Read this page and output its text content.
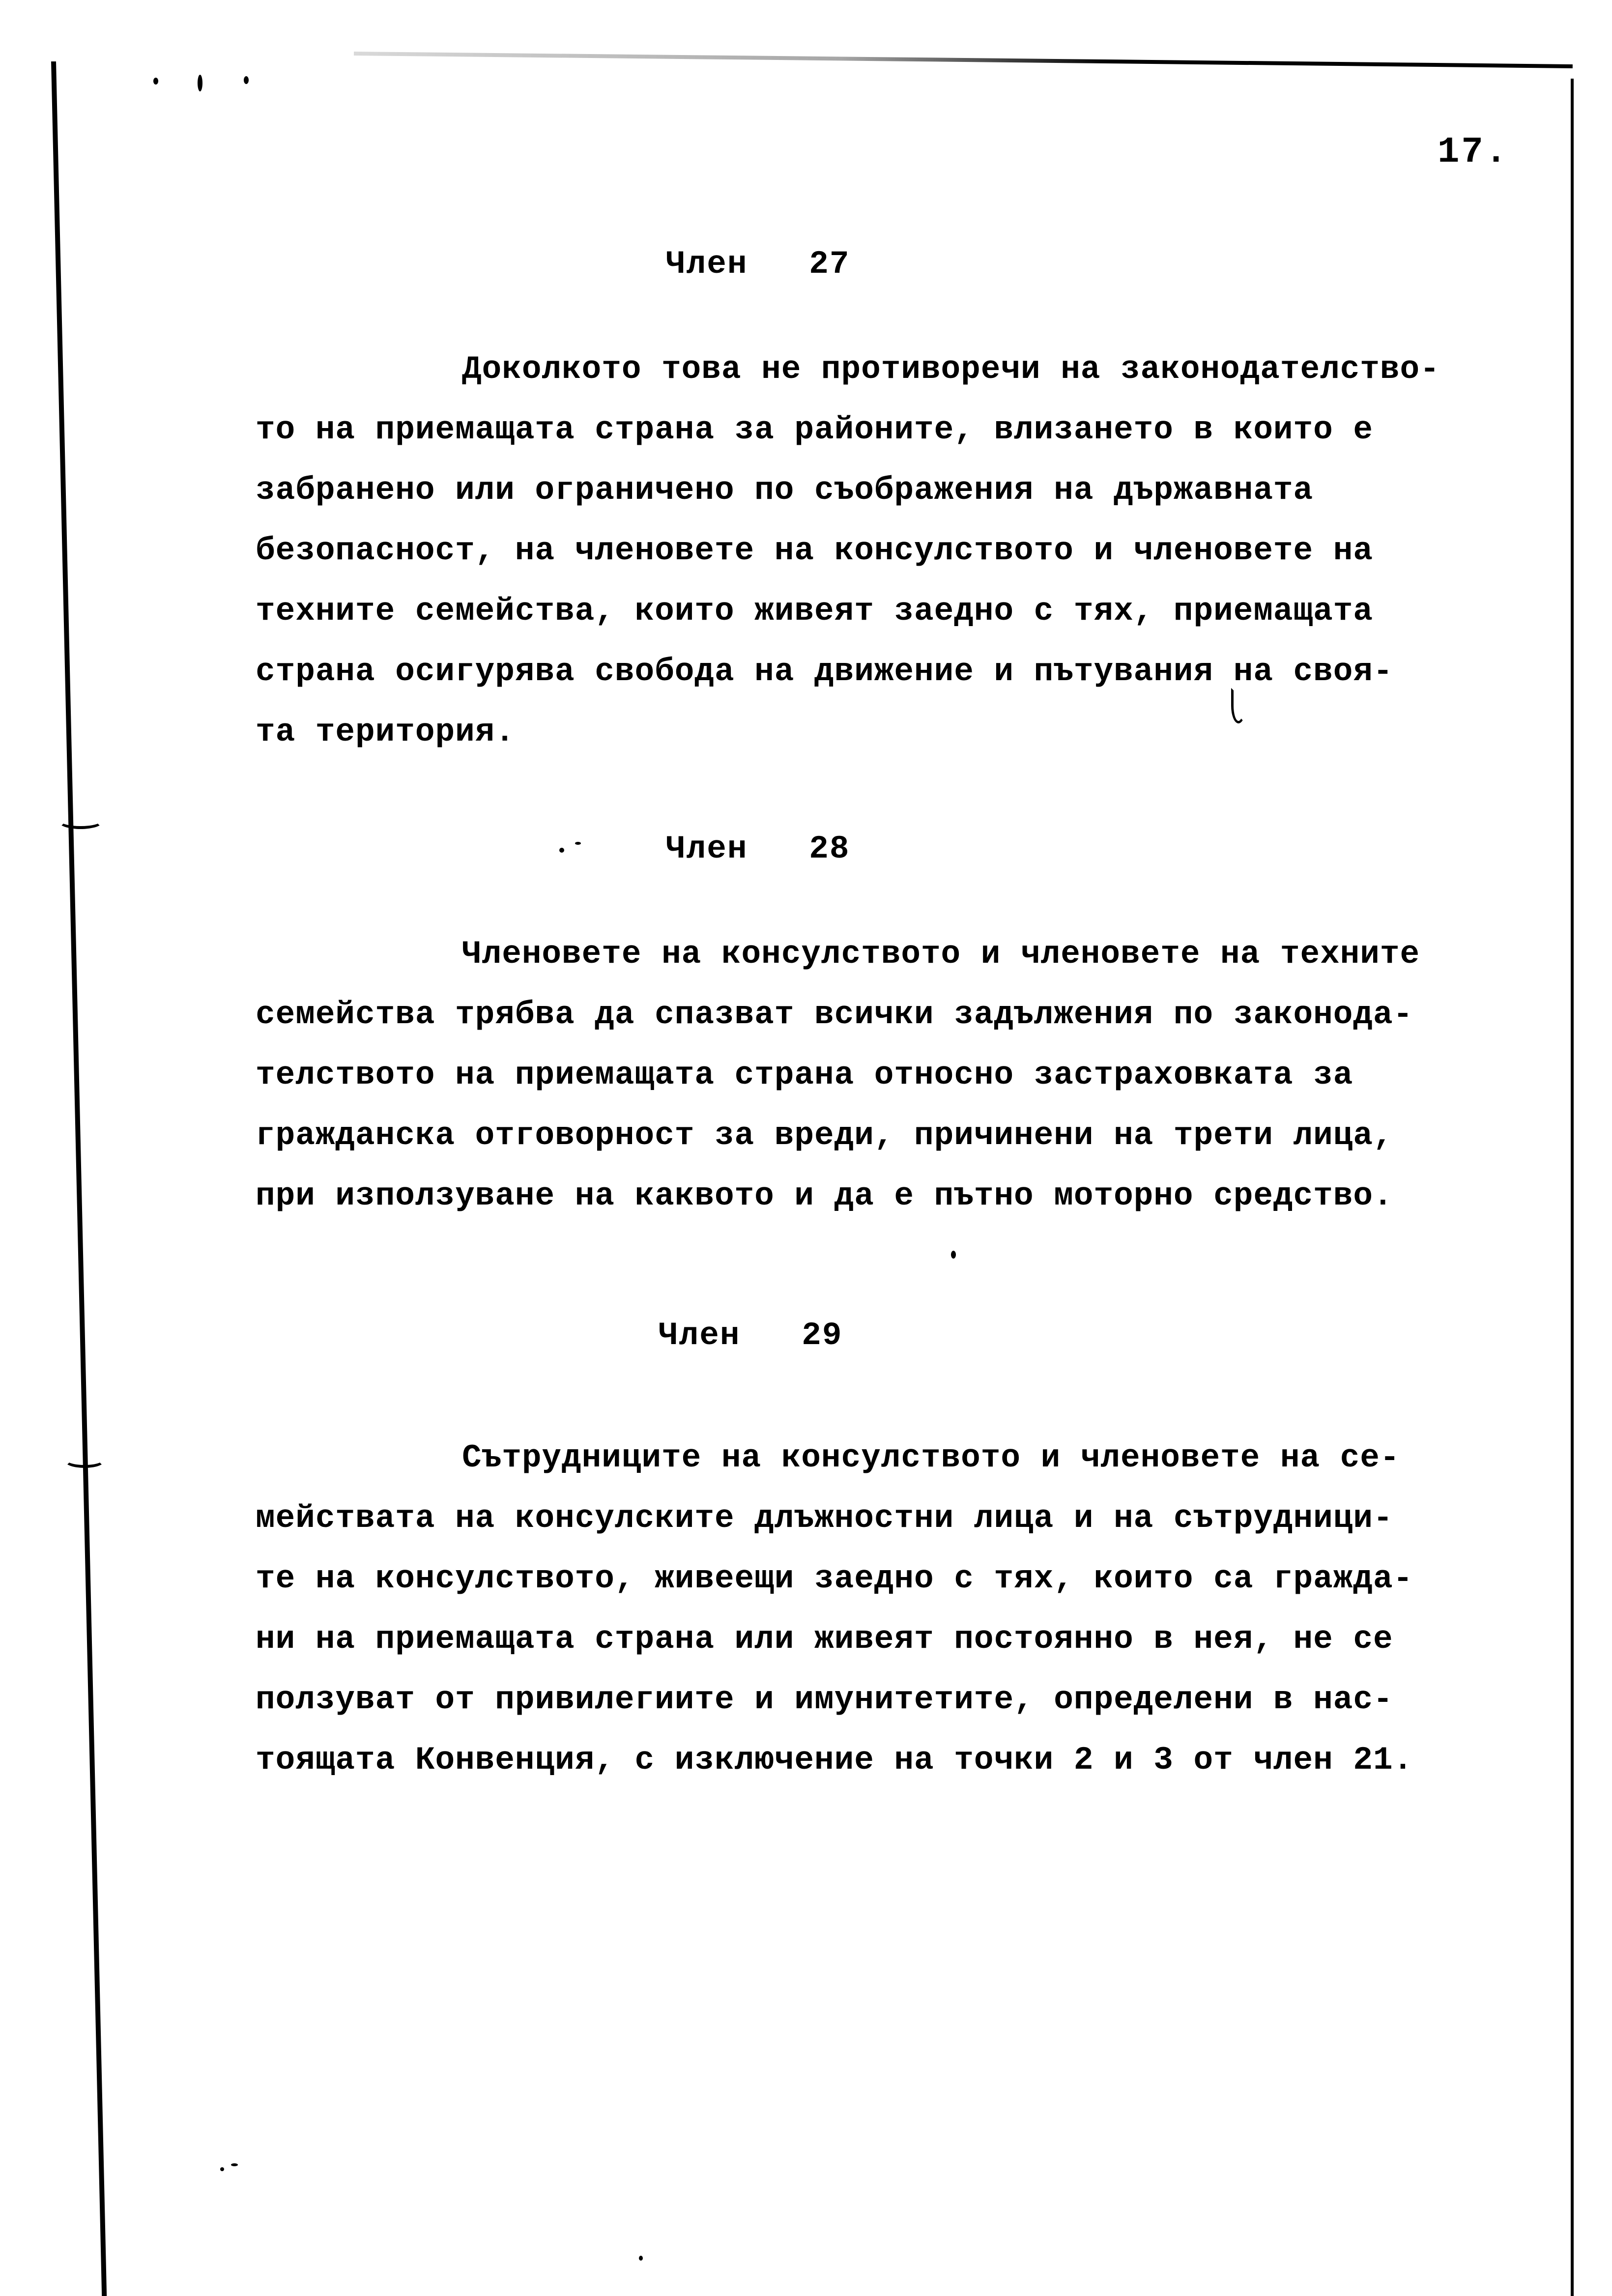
17.
Член   27
Доколкото това не противоречи на законодателство-
то на приемащата страна за районите, влизането в които е
забранено или ограничено по съображения на държавната
безопасност, на членовете на консулството и членовете на
техните семейства, които живеят заедно с тях, приемащата
страна осигурява свобода на движение и пътувания на своя-
та територия.
Член   28
Членовете на консулството и членовете на техните
семейства трябва да спазват всички задължения по законода-
телството на приемащата страна относно застраховката за
гражданска отговорност за вреди, причинени на трети лица,
при използуване на каквото и да е пътно моторно средство.
Член   29
Сътрудниците на консулството и членовете на се-
мействата на консулските длъжностни лица и на сътрудници-
те на консулството, живеещи заедно с тях, които са гражда-
ни на приемащата страна или живеят постоянно в нея, не се
ползуват от привилегиите и имунитетите, определени в нас-
тоящата Конвенция, с изключение на точки 2 и 3 от член 21.
